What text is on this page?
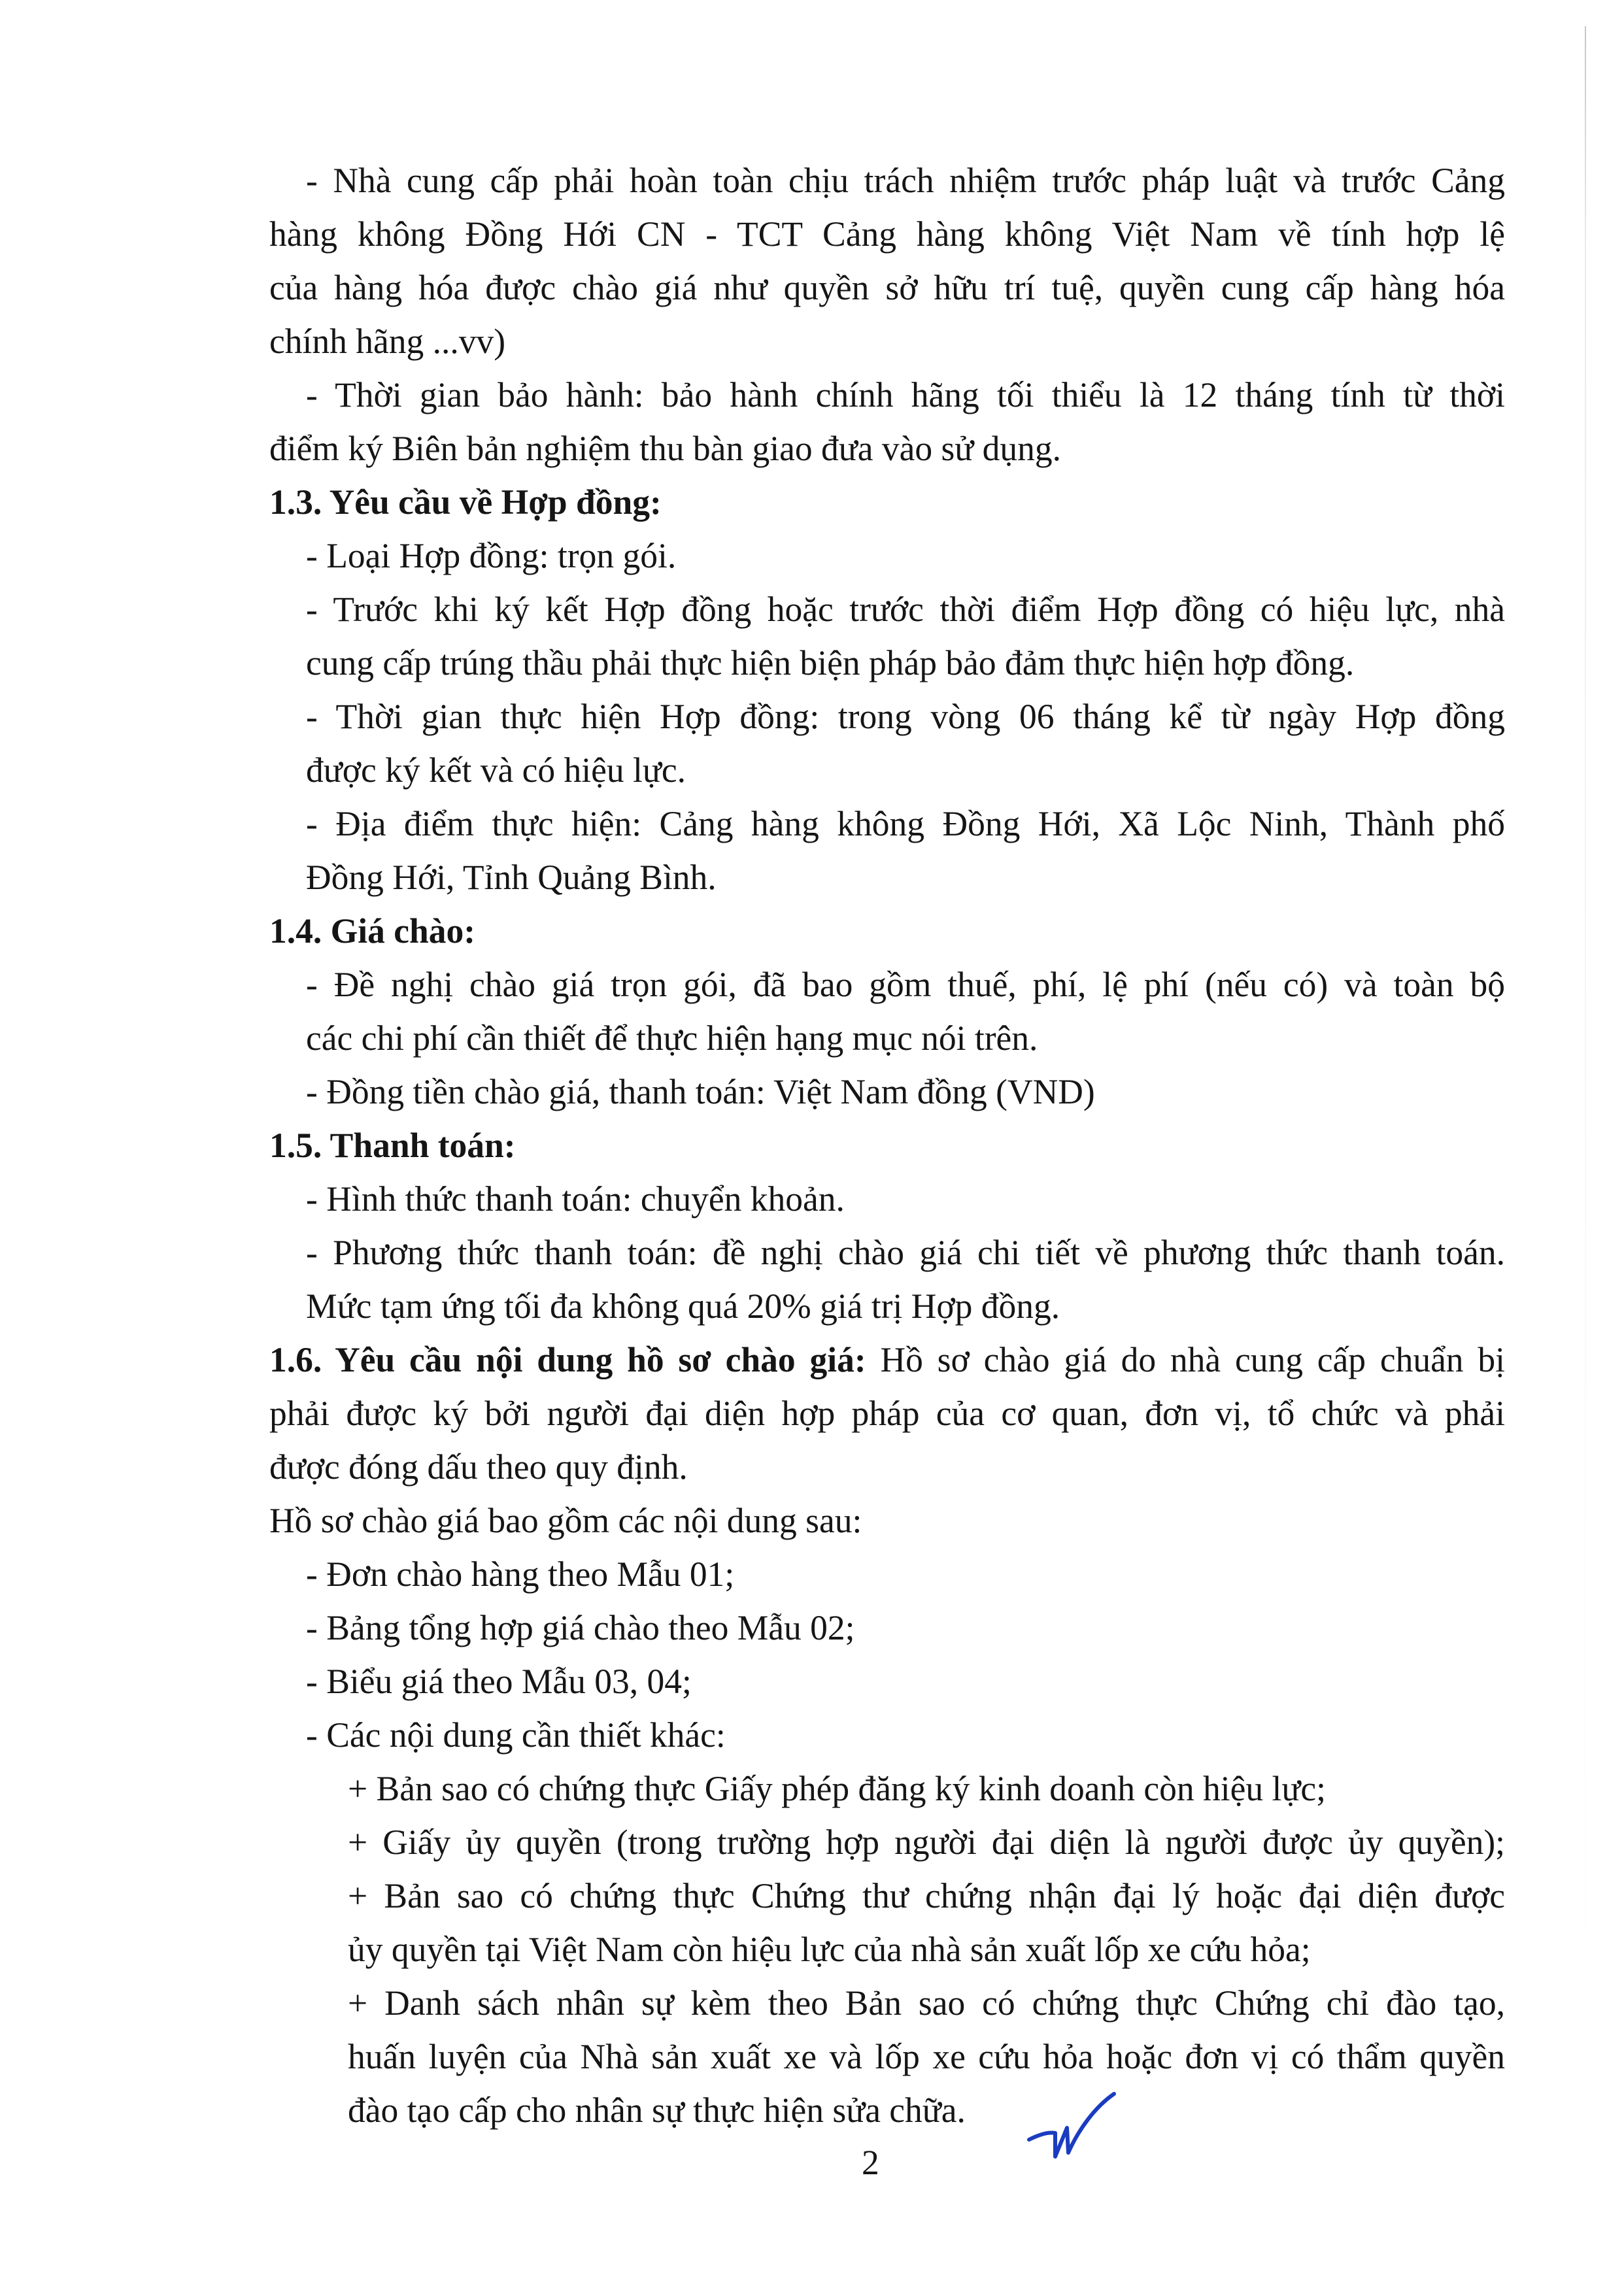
- Nhà cung cấp phải hoàn toàn chịu trách nhiệm trước pháp luật và trước Cảng
hàng không Đồng Hới CN - TCT Cảng hàng không Việt Nam về tính hợp lệ
của hàng hóa được chào giá như quyền sở hữu trí tuệ, quyền cung cấp hàng hóa
chính hãng ...vv)
- Thời gian bảo hành: bảo hành chính hãng tối thiểu là 12 tháng tính từ thời
điểm ký Biên bản nghiệm thu bàn giao đưa vào sử dụng.
1.3. Yêu cầu về Hợp đồng:
- Loại Hợp đồng: trọn gói.
- Trước khi ký kết Hợp đồng hoặc trước thời điểm Hợp đồng có hiệu lực, nhà
cung cấp trúng thầu phải thực hiện biện pháp bảo đảm thực hiện hợp đồng.
- Thời gian thực hiện Hợp đồng: trong vòng 06 tháng kể từ ngày Hợp đồng
được ký kết và có hiệu lực.
- Địa điểm thực hiện: Cảng hàng không Đồng Hới, Xã Lộc Ninh, Thành phố
Đồng Hới, Tỉnh Quảng Bình.
1.4. Giá chào:
- Đề nghị chào giá trọn gói, đã bao gồm thuế, phí, lệ phí (nếu có) và toàn bộ
các chi phí cần thiết để thực hiện hạng mục nói trên.
- Đồng tiền chào giá, thanh toán: Việt Nam đồng (VND)
1.5. Thanh toán:
- Hình thức thanh toán: chuyển khoản.
- Phương thức thanh toán: đề nghị chào giá chi tiết về phương thức thanh toán.
Mức tạm ứng tối đa không quá 20% giá trị Hợp đồng.
1.6. Yêu cầu nội dung hồ sơ chào giá: Hồ sơ chào giá do nhà cung cấp chuẩn bị
phải được ký bởi người đại diện hợp pháp của cơ quan, đơn vị, tổ chức và phải
được đóng dấu theo quy định.
Hồ sơ chào giá bao gồm các nội dung sau:
- Đơn chào hàng theo Mẫu 01;
- Bảng tổng hợp giá chào theo Mẫu 02;
- Biểu giá theo Mẫu 03, 04;
- Các nội dung cần thiết khác:
+ Bản sao có chứng thực Giấy phép đăng ký kinh doanh còn hiệu lực;
+ Giấy ủy quyền (trong trường hợp người đại diện là người được ủy quyền);
+ Bản sao có chứng thực Chứng thư chứng nhận đại lý hoặc đại diện được
ủy quyền tại Việt Nam còn hiệu lực của nhà sản xuất lốp xe cứu hỏa;
+ Danh sách nhân sự kèm theo Bản sao có chứng thực Chứng chỉ đào tạo,
huấn luyện của Nhà sản xuất xe và lốp xe cứu hỏa hoặc đơn vị có thẩm quyền
đào tạo cấp cho nhân sự thực hiện sửa chữa.
2
